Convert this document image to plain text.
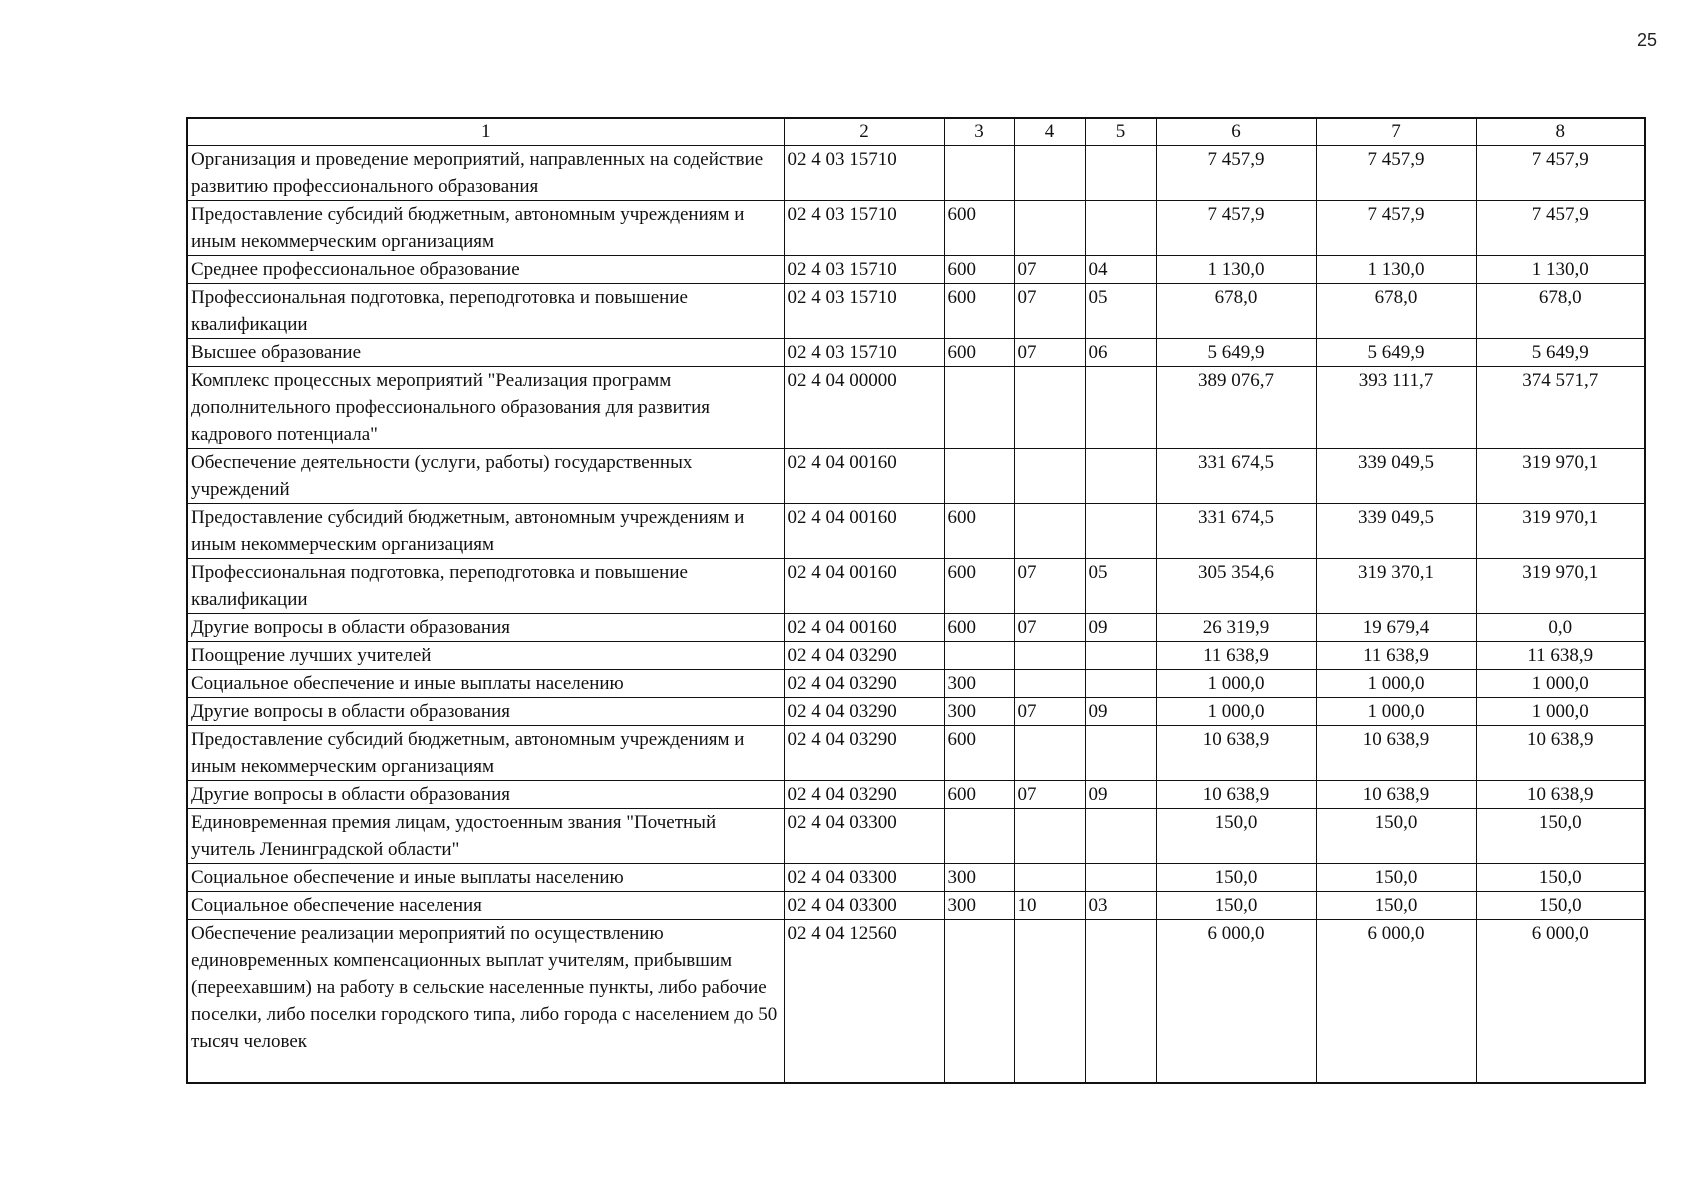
25
1	2	3	4	5	6	7	8
Организация и проведение мероприятий, направленных на содействие развитию профессионального образования	02 4 03 15710				7 457,9	7 457,9	7 457,9
Предоставление субсидий бюджетным, автономным учреждениям и иным некоммерческим организациям	02 4 03 15710	600			7 457,9	7 457,9	7 457,9
Среднее профессиональное образование	02 4 03 15710	600	07	04	1 130,0	1 130,0	1 130,0
Профессиональная подготовка, переподготовка и повышение квалификации	02 4 03 15710	600	07	05	678,0	678,0	678,0
Высшее образование	02 4 03 15710	600	07	06	5 649,9	5 649,9	5 649,9
Комплекс процессных мероприятий "Реализация программ дополнительного профессионального образования для развития кадрового потенциала"	02 4 04 00000				389 076,7	393 111,7	374 571,7
Обеспечение деятельности (услуги, работы) государственных учреждений	02 4 04 00160				331 674,5	339 049,5	319 970,1
Предоставление субсидий бюджетным, автономным учреждениям и иным некоммерческим организациям	02 4 04 00160	600			331 674,5	339 049,5	319 970,1
Профессиональная подготовка, переподготовка и повышение квалификации	02 4 04 00160	600	07	05	305 354,6	319 370,1	319 970,1
Другие вопросы в области образования	02 4 04 00160	600	07	09	26 319,9	19 679,4	0,0
Поощрение лучших учителей	02 4 04 03290				11 638,9	11 638,9	11 638,9
Социальное обеспечение и иные выплаты населению	02 4 04 03290	300			1 000,0	1 000,0	1 000,0
Другие вопросы в области образования	02 4 04 03290	300	07	09	1 000,0	1 000,0	1 000,0
Предоставление субсидий бюджетным, автономным учреждениям и иным некоммерческим организациям	02 4 04 03290	600			10 638,9	10 638,9	10 638,9
Другие вопросы в области образования	02 4 04 03290	600	07	09	10 638,9	10 638,9	10 638,9
Единовременная премия лицам, удостоенным звания "Почетный учитель Ленинградской области"	02 4 04 03300				150,0	150,0	150,0
Социальное обеспечение и иные выплаты населению	02 4 04 03300	300			150,0	150,0	150,0
Социальное обеспечение населения	02 4 04 03300	300	10	03	150,0	150,0	150,0
Обеспечение реализации мероприятий по осуществлению единовременных компенсационных выплат учителям, прибывшим (переехавшим) на работу в сельские населенные пункты, либо рабочие поселки, либо поселки городского типа, либо города с населением до 50 тысяч человек	02 4 04 12560				6 000,0	6 000,0	6 000,0
